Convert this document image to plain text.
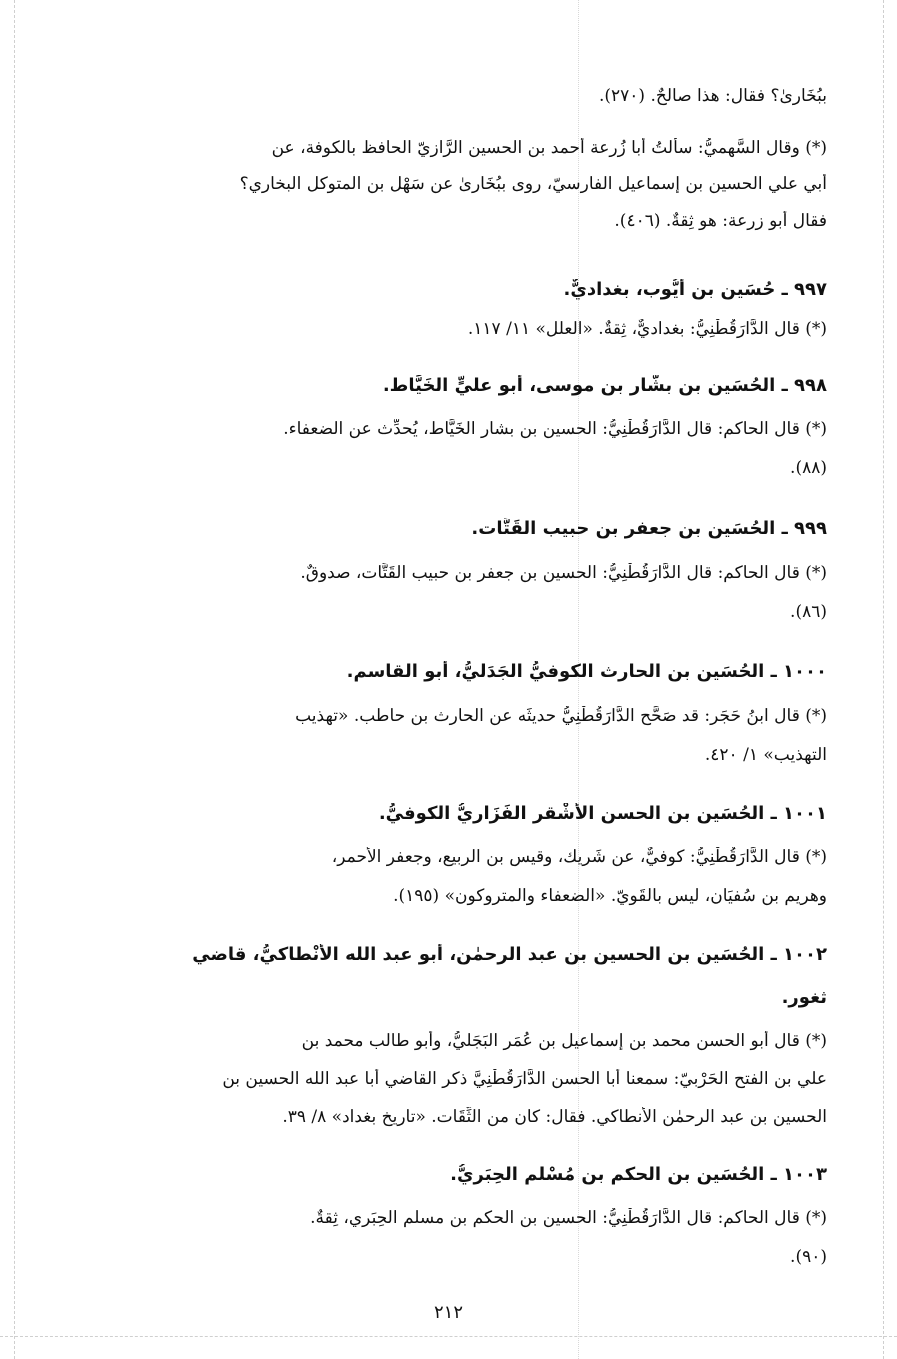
ببُخَارىٰ؟ فقال: هذا صالحٌ. (٢٧٠).
(*) وقال السَّهميُّ: سألتُ أبا زُرعة أحمد بن الحسين الرَّازيّ الحافظ بالكوفة، عن
أبي علي الحسين بن إسماعيل الفارسيّ، روى ببُخَارىٰ عن سَهْل بن المتوكل البخاري؟
فقال أبو زرعة: هو ثِقةٌ. (٤٠٦).
٩٩٧ ـ حُسَين بن أيُّوب، بغداديٌّ.
(*) قال الدَّارَقُطْنِيُّ: بغداديٌّ، ثِقةٌ. «العلل» ١١/ ١١٧.
٩٩٨ ـ الحُسَين بن بشَّار بن موسى، أبو عليٍّ الخَيَّاط.
(*) قال الحاكم: قال الدَّارَقُطْنِيُّ: الحسين بن بشار الخَيَّاط، يُحدِّث عن الضعفاء.
(٨٨).
٩٩٩ ـ الحُسَين بن جعفر بن حبيب القَتَّات.
(*) قال الحاكم: قال الدَّارَقُطْنِيُّ: الحسين بن جعفر بن حبيب القَتَّات، صدوقٌ.
(٨٦).
١٠٠٠ ـ الحُسَين بن الحارث الكوفيُّ الجَدَليُّ، أبو القاسم.
(*) قال ابنُ حَجَر: قد صَحَّح الدَّارَقُطْنِيُّ حديثَه عن الحارث بن حاطب. «تهذيب
التهذيب» ١/ ٤٢٠.
١٠٠١ ـ الحُسَين بن الحسن الأشْقر الفَزَاريُّ الكوفيُّ.
(*) قال الدَّارَقُطْنِيُّ: كوفيٌّ، عن شَريك، وقيس بن الربيع، وجعفر الأحمر،
وهريم بن سُفيَان، ليس بالقَويّ. «الضعفاء والمتروكون» (١٩٥).
١٠٠٢ ـ الحُسَين بن الحسين بن عبد الرحمٰن، أبو عبد الله الأنْطاكيُّ، قاضي
ثغور.
(*) قال أبو الحسن محمد بن إسماعيل بن عُمَر البَجَليُّ، وأبو طالب محمد بن
علي بن الفتح الحَرْبيّ: سمعنا أبا الحسن الدَّارَقُطْنِيَّ ذكر القاضي أبا عبد الله الحسين بن
الحسين بن عبد الرحمٰن الأنطاكي. فقال: كان من الثِّقَات. «تاريخ بغداد» ٨/ ٣٩.
١٠٠٣ ـ الحُسَين بن الحكم بن مُسْلم الحِبَريُّ.
(*) قال الحاكم: قال الدَّارَقُطْنِيُّ: الحسين بن الحكم بن مسلم الحِبَري، ثِقةٌ.
(٩٠).
٢١٢
